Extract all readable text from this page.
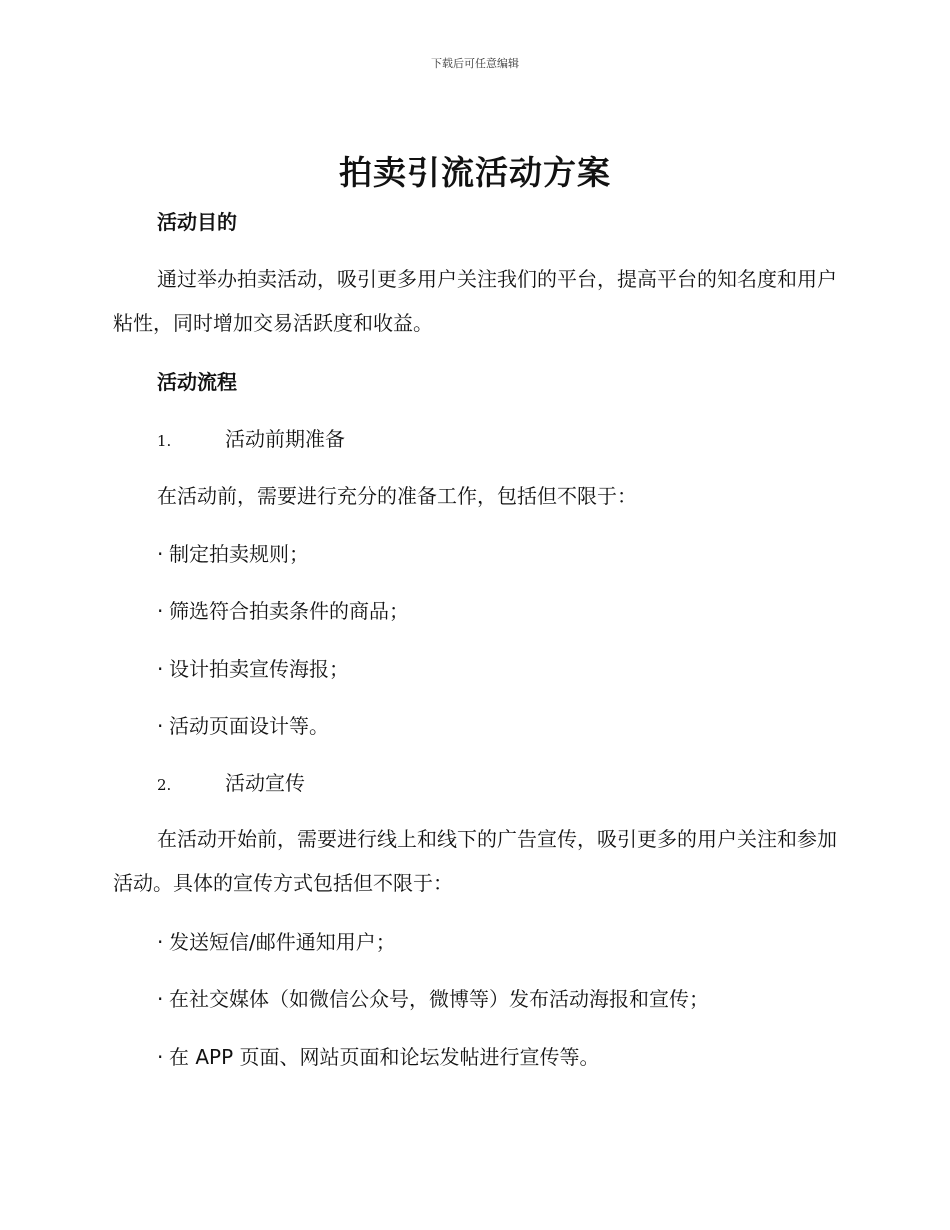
下载后可任意编辑
拍卖引流活动方案
活动目的

通过举办拍卖活动，吸引更多用户关注我们的平台，提高平台的知名度和用户粘性，同时增加交易活跃度和收益。

活动流程
1.	活动前期准备
在活动前，需要进行充分的准备工作，包括但不限于：
· 制定拍卖规则；
· 筛选符合拍卖条件的商品；
· 设计拍卖宣传海报；
· 活动页面设计等。
2.	活动宣传

在活动开始前，需要进行线上和线下的广告宣传，吸引更多的用户关注和参加活动。具体的宣传方式包括但不限于：

· 发送短信/邮件通知用户；
· 在社交媒体（如微信公众号，微博等）发布活动海报和宣传；
· 在 APP 页面、网站页面和论坛发帖进行宣传等。
